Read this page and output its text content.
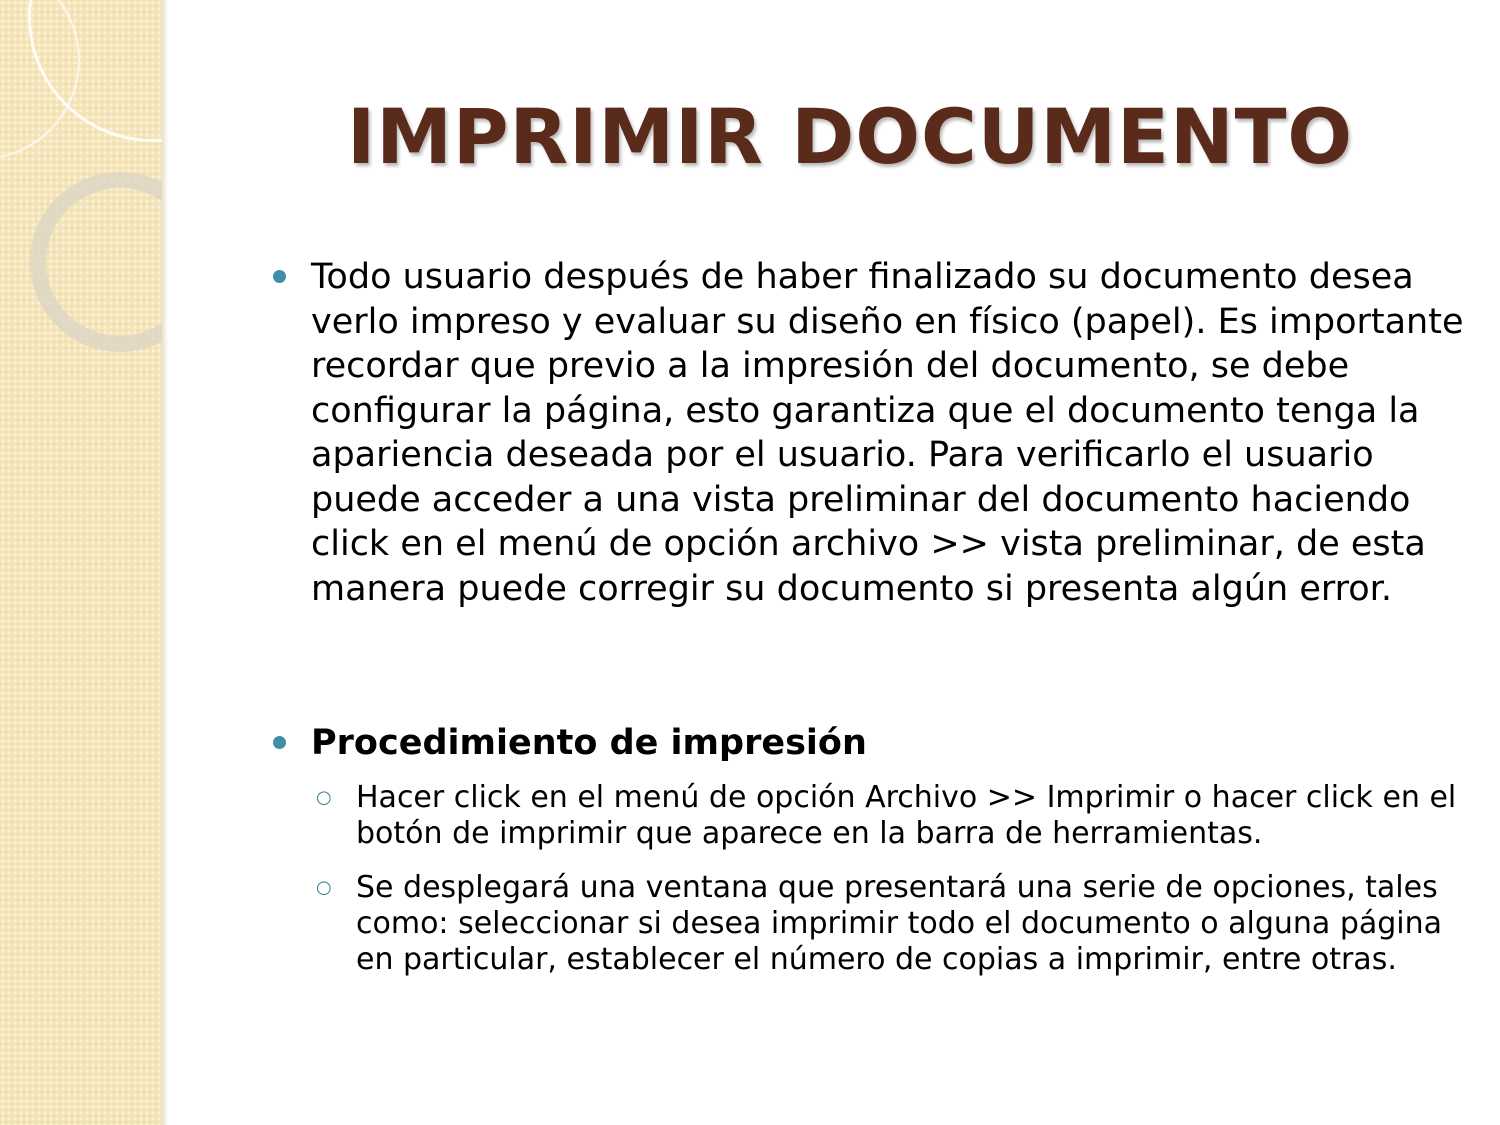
IMPRIMIR DOCUMENTO

Todo usuario después de haber finalizado su documento desea verlo impreso y evaluar su diseño en físico (papel). Es importante recordar que previo a la impresión del documento, se debe configurar la página, esto garantiza que el documento tenga la apariencia deseada por el usuario. Para verificarlo el usuario puede acceder a una vista preliminar del documento haciendo click en el menú de opción archivo >> vista preliminar, de esta manera puede corregir su documento si presenta algún error.

Procedimiento de impresión

○ Hacer click en el menú de opción Archivo >> Imprimir o hacer click en el botón de imprimir que aparece en la barra de herramientas.

○ Se desplegará una ventana que presentará una serie de opciones, tales como: seleccionar si desea imprimir todo el documento o alguna página en particular, establecer el número de copias a imprimir, entre otras.
